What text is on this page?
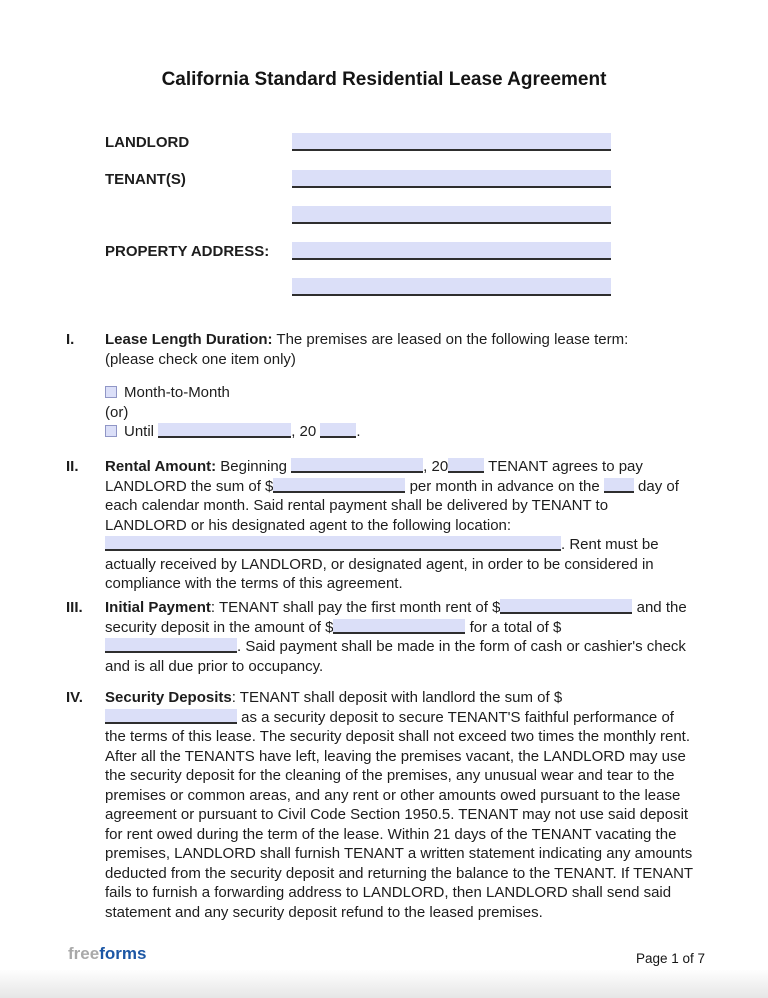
California Standard Residential Lease Agreement
LANDLORD
TENANT(S)
PROPERTY ADDRESS:
I. Lease Length Duration: The premises are leased on the following lease term:
(please check one item only)
Month-to-Month
(or)
Until	, 20 .
II. Rental Amount: Beginning	, 20 TENANT agrees to pay LANDLORD the sum of $	per month in advance on the  day of each calendar month. Said rental payment shall be delivered by TENANT to LANDLORD or his designated agent to the following location: . Rent must be actually received by LANDLORD, or designated agent, in order to be considered in compliance with the terms of this agreement.
III. Initial Payment: TENANT shall pay the first month rent of $	and the security deposit in the amount of $	for a total of $. Said payment shall be made in the form of cash or cashier's check and is all due prior to occupancy.
IV. Security Deposits: TENANT shall deposit with landlord the sum of $ as a security deposit to secure TENANT'S faithful performance of the terms of this lease. The security deposit shall not exceed two times the monthly rent. After all the TENANTS have left, leaving the premises vacant, the LANDLORD may use the security deposit for the cleaning of the premises, any unusual wear and tear to the premises or common areas, and any rent or other amounts owed pursuant to the lease agreement or pursuant to Civil Code Section 1950.5. TENANT may not use said deposit for rent owed during the term of the lease. Within 21 days of the TENANT vacating the premises, LANDLORD shall furnish TENANT a written statement indicating any amounts deducted from the security deposit and returning the balance to the TENANT. If TENANT fails to furnish a forwarding address to LANDLORD, then LANDLORD shall send said statement and any security deposit refund to the leased premises.
freeforms	Page 1 of 7
